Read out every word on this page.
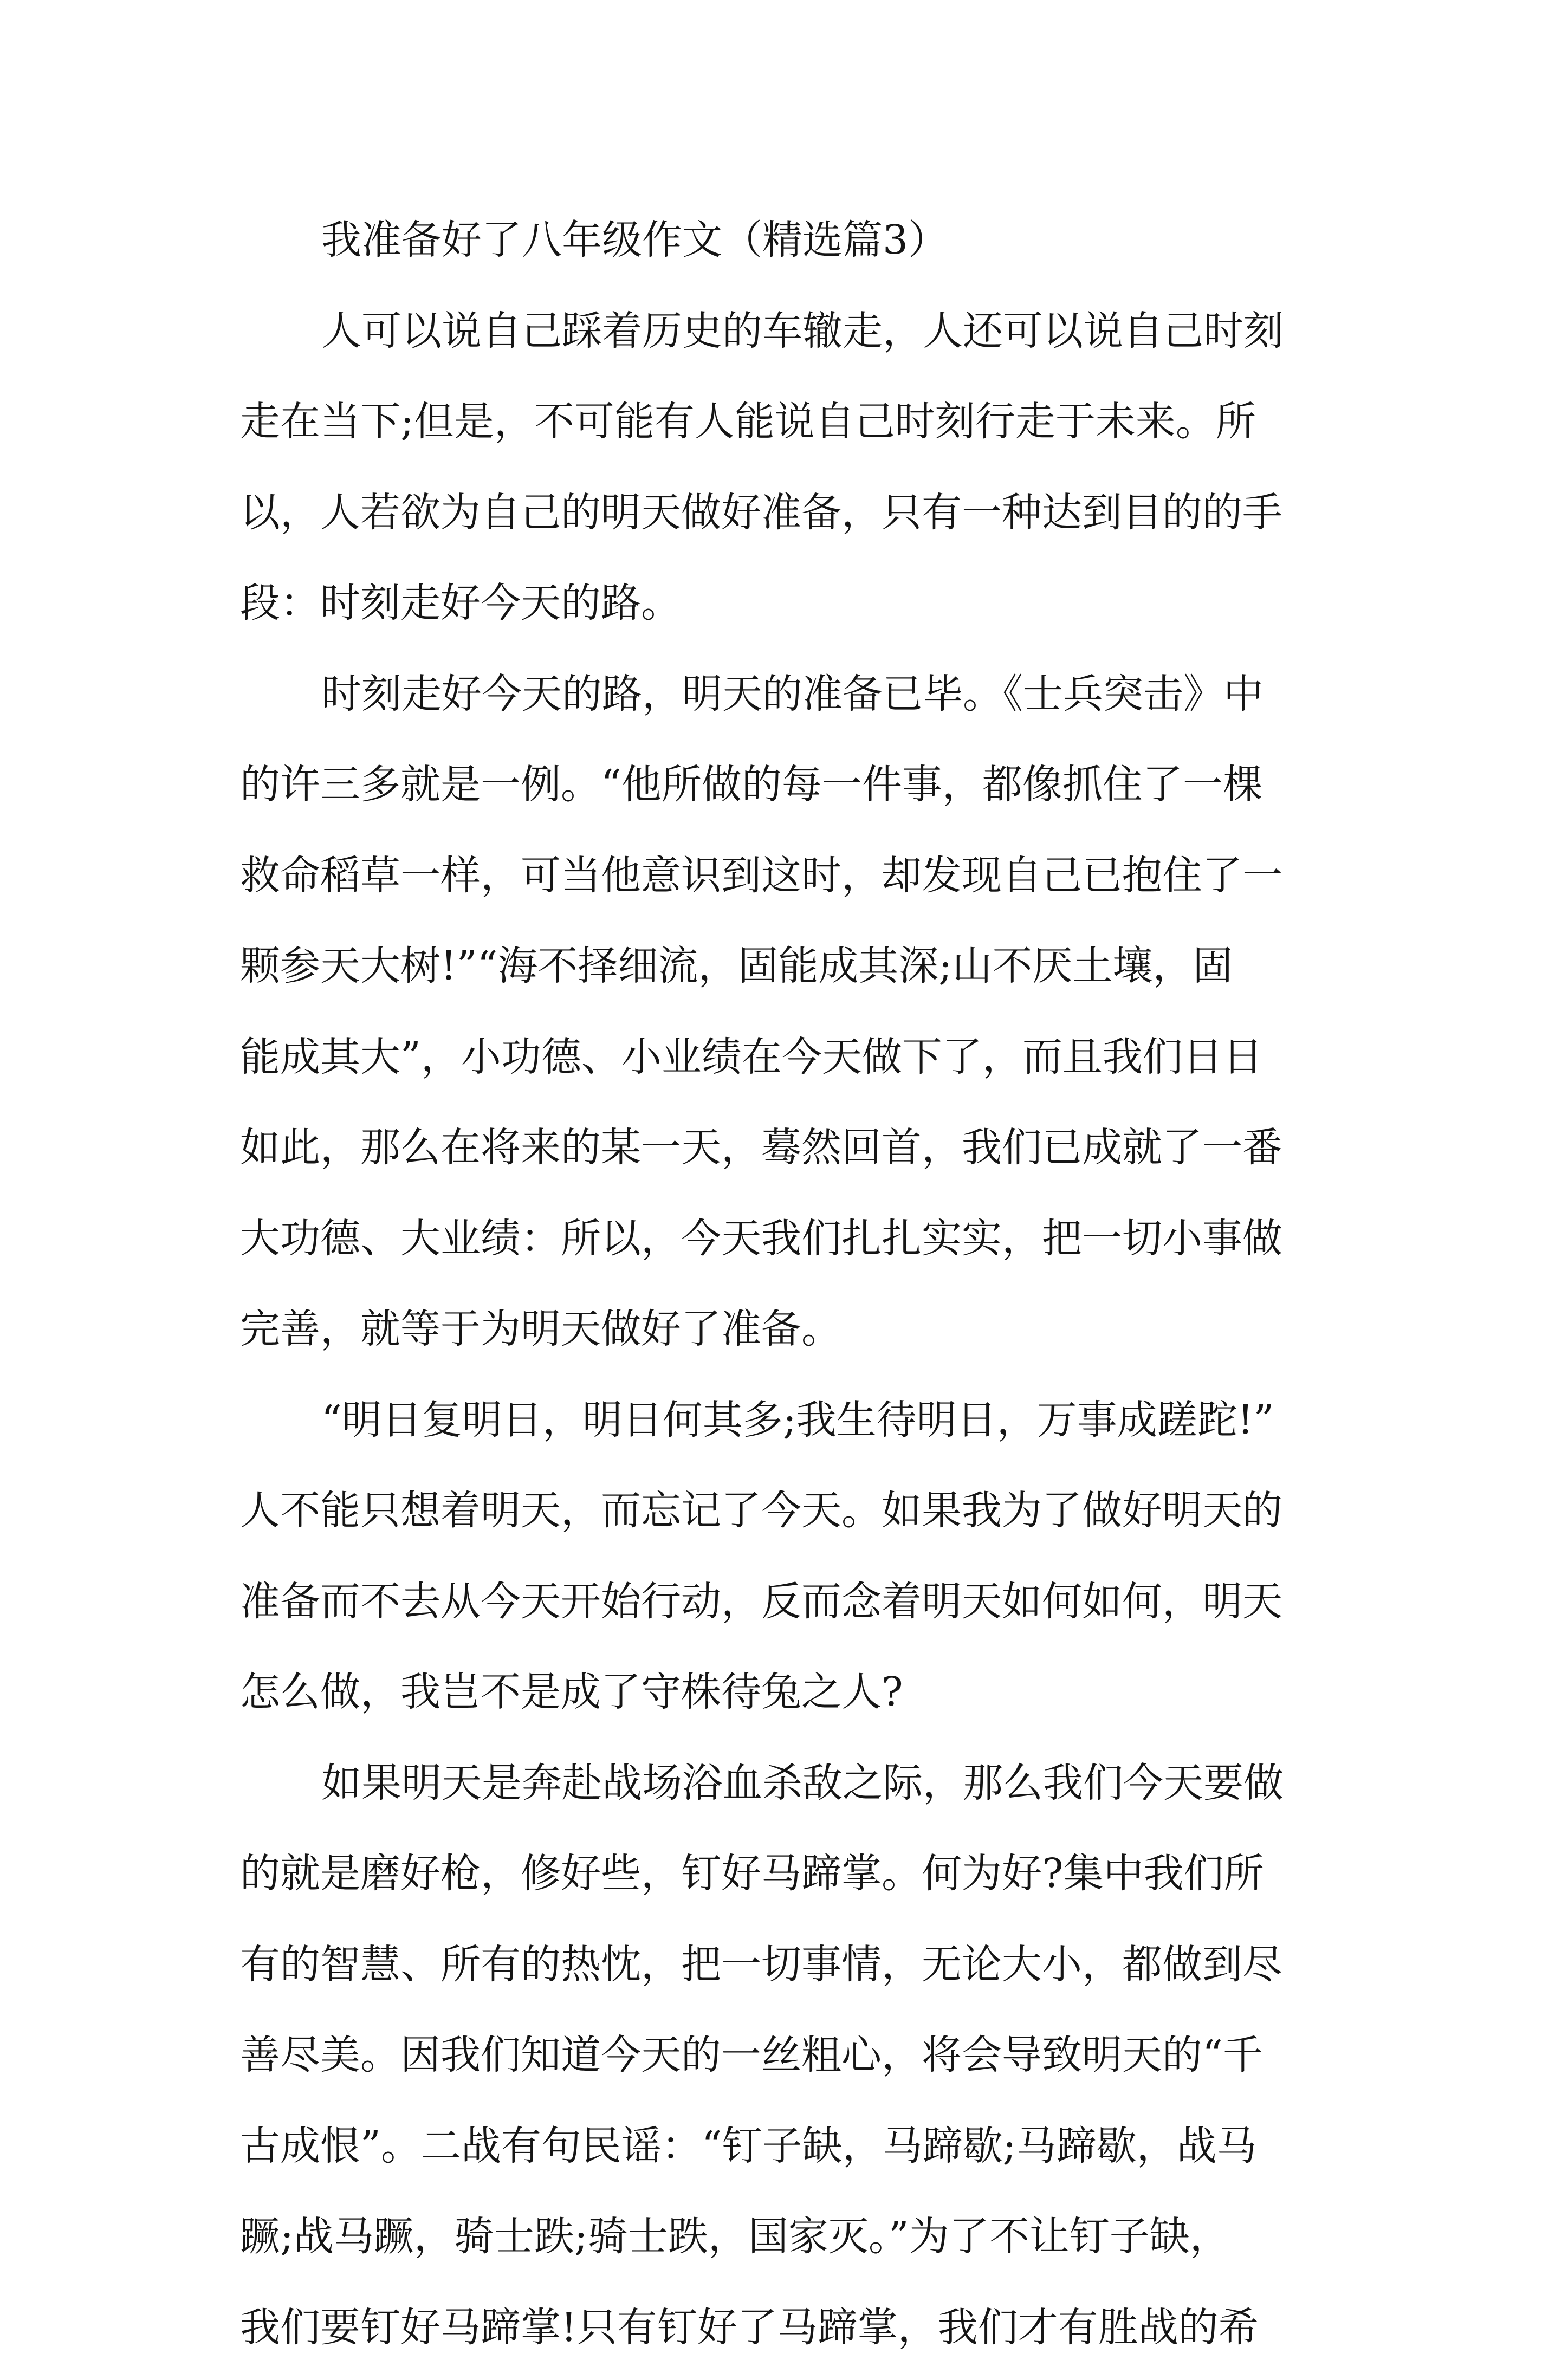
我准备好了八年级作文（精选篇3）
人可以说自己踩着历史的车辙走，人还可以说自己时刻
走在当下;但是，不可能有人能说自己时刻行走于未来。所
以，人若欲为自己的明天做好准备，只有一种达到目的的手
段：时刻走好今天的路。
时刻走好今天的路，明天的准备已毕。《士兵突击》中
的许三多就是一例。“他所做的每一件事，都像抓住了一棵
救命稻草一样，可当他意识到这时，却发现自己已抱住了一
颗参天大树!”“海不择细流，固能成其深;山不厌土壤，固
能成其大”，小功德、小业绩在今天做下了，而且我们日日
如此，那么在将来的某一天，蓦然回首，我们已成就了一番
大功德、大业绩：所以，今天我们扎扎实实，把一切小事做
完善，就等于为明天做好了准备。
“明日复明日，明日何其多;我生待明日，万事成蹉跎!”
人不能只想着明天，而忘记了今天。如果我为了做好明天的
准备而不去从今天开始行动，反而念着明天如何如何，明天
怎么做，我岂不是成了守株待兔之人?
如果明天是奔赴战场浴血杀敌之际，那么我们今天要做
的就是磨好枪，修好些，钉好马蹄掌。何为好?集中我们所
有的智慧、所有的热忱，把一切事情，无论大小，都做到尽
善尽美。因我们知道今天的一丝粗心，将会导致明天的“千
古成恨”。二战有句民谣：“钉子缺，马蹄歇;马蹄歇，战马
蹶;战马蹶，骑士跌;骑士跌，国家灭。”为了不让钉子缺，
我们要钉好马蹄掌!只有钉好了马蹄掌，我们才有胜战的希
